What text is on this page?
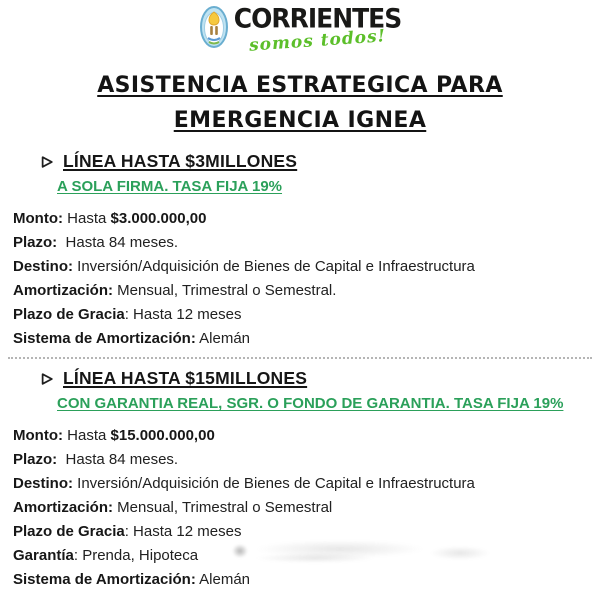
CORRIENTES
somos todos!
ASISTENCIA ESTRATEGICA PARA
EMERGENCIA IGNEA
LÍNEA HASTA $3MILLONES
A SOLA FIRMA. TASA FIJA 19%

Monto: Hasta $3.000.000,00

Plazo:  Hasta 84 meses.

Destino: Inversión/Adquisición de Bienes de Capital e Infraestructura

Amortización: Mensual, Trimestral o Semestral.

Plazo de Gracia: Hasta 12 meses

Sistema de Amortización: Alemán

LÍNEA HASTA $15MILLONES
CON GARANTIA REAL, SGR. O FONDO DE GARANTIA. TASA FIJA 19%

Monto: Hasta $15.000.000,00

Plazo:  Hasta 84 meses.

Destino: Inversión/Adquisición de Bienes de Capital e Infraestructura

Amortización: Mensual, Trimestral o Semestral

Plazo de Gracia: Hasta 12 meses

Garantía: Prenda, Hipoteca

Sistema de Amortización: Alemán
